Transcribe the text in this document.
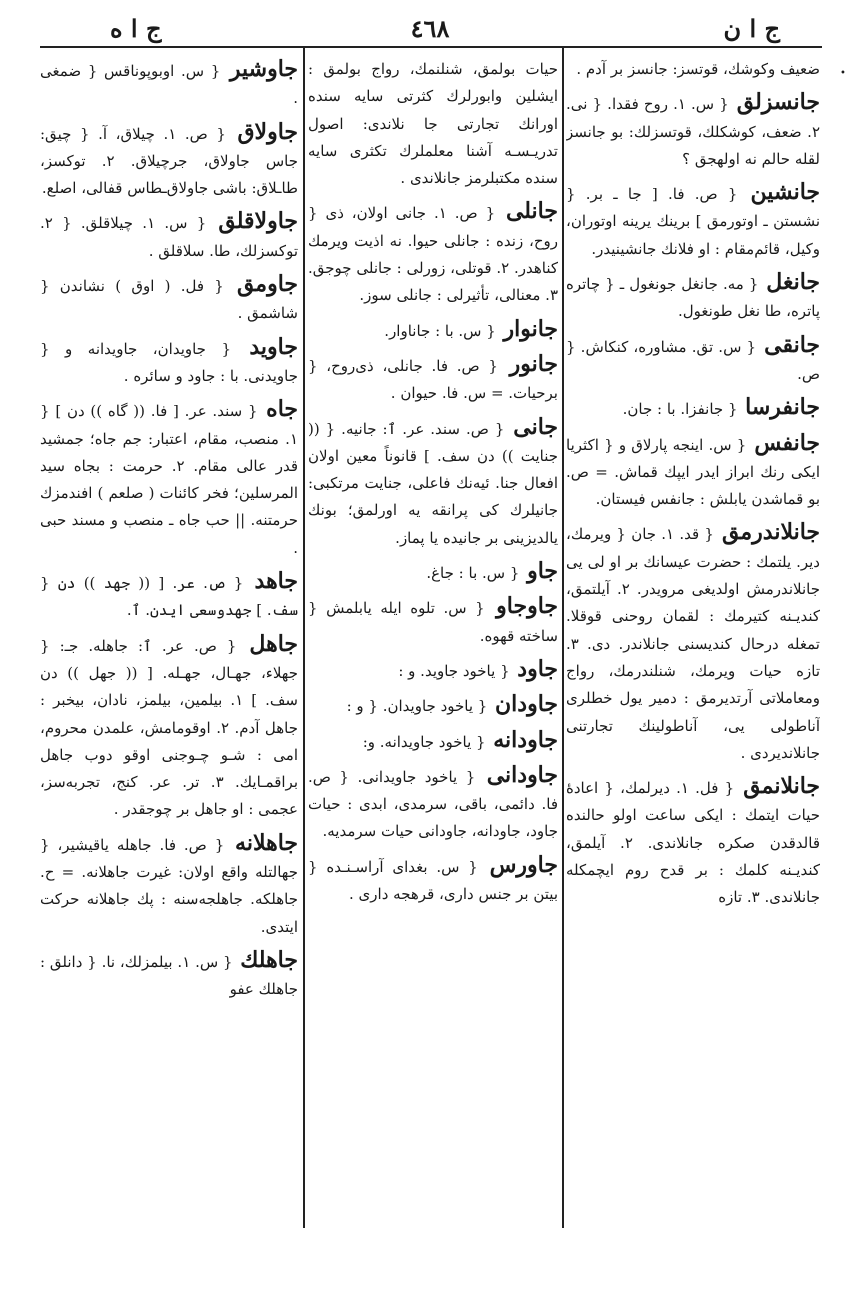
ج ا ن
٤٦٨
ج ا ه
•
ضعيف وكوشك، قوتسز: جانسز بر آدم .
جانسزلق { س. ١. روح فقدا. { نى. ٢. ضعف، كوشكلك، قوتسزلك: بو جانسز لقله حالم نه اولهجق ؟
جانشين { ص. فا. [ جا ـ بر. { نشستن ـ اوتورمق ] برينك يرينه اوتوران، وكيل، قائم‌مقام : او فلانك جانشينيدر.
جانغل { مه. جانغل جونغول ـ { چاتره پاتره، طا نغل طونغول.
جانقى { س. تق. مشاوره، كنكاش. { ص.
جانفرسا { جانفزا. با : جان.
جانفس { س. اينجه پارلاق و { اكثريا ايكى رنك ابراز ايدر ايپك قماش. = ص. بو قماشدن يابلش : جانفس فيستان.
جانلاندرمق { قد. ١. جان { ويرمك، دير. يلتمك : حضرت عيسانك بر او لى يى جانلاندرمش اولديغى مرويدر. ٢. آيلتمق، كنديـنه كتيرمك : لقمان روحنى قوقلا. تمغله درحال كنديسنى جانلاندر. دى. ٣. تازه حيات ويرمك، شنلندرمك، رواج ومعاملاتى آرتديرمق : دمير يول خطلرى آناطولى يى، آناطولينك تجارتنى جانلانديردى .
جانلانمق { فل. ١. ديرلمك، { اعادهٔ حيات ايتمك : ايكى ساعت اولو حالنده قالدقدن صكره جانلاندى. ٢. آيلمق، كنديـنه كلمك : بر قدح روم ايچمكله جانلاندى. ٣. تازه
حيات بولمق، شنلنمك، رواج بولمق : ايشلين وابورلرك كثرتى سايه سنده اورانك تجارتى جا نلاندى: اصول تدريـسـه آشنا معلملرك تكثرى سايه سنده مكتبلرمز جانلاندى .
جانلى { ص. ١. جانى اولان، ذى { روح، زنده : جانلى حيوا. نه اذيت ويرمك كناهدر. ٢. قوتلى، زورلى : جانلى چوجق. ٣. معنالى، تأثيرلى : جانلى سوز.
جانوار { س. با : جاناوار.
جانور { ص. فا. جانلى، ذى‌روح، { برحيات. = س. فا. حيوان .
جانى { ص. سند. عر. ٱ: جانيه. { (( جنايت )) دن سف. ] قانوناً معين اولان افعال جنا. ئيه‌نك فاعلى، جنايت مرتكبى: جانيلرك كى پرانقه يه اورلمق؛ بونك يالديزينى بر جانيده يا پماز.
جاو { س. با : جاغ.
جاوجاو { س. تلوه ايله يابلمش { ساخته قهوه.
جاود { ياخود جاويد. و :
جاودان { ياخود جاويدان. { و :
جاودانه { ياخود جاويدانه. و:
جاودانى { ياخود جاويدانى. { ص. فا. دائمى، باقى، سرمدى، ابدى : حيات جاود، جاودانه، جاودانى حيات سرمديه.
جاورس { س. بغداى آراسـنـده { بيتن بر جنس دارى، قرهجه دارى .
جاوشير { س. اوبوپوناقس { ضمغى .
جاولاق { ص. ١. چيلاق، آ. { چيق: جاس جاولاق، جرچيلاق. ٢. توكسز، طاـلاق: باشى جاولاق‌ـطاس قفالى، اصلع.
جاولاقلق { س. ١. چيلاقلق. { ٢. توكسزلك، طا. سلاقلق .
جاومق { فل. ( اوق ) نشاندن { شاشمق .
جاويد { جاويدان، جاويدانه و { جاويدنى. با : جاود و سائره .
جاه { سند. عر. [ فا. (( گاه )) دن ] { ١. منصب، مقام، اعتبار: جم جاه؛ جمشيد قدر عالى مقام. ٢. حرمت : بجاه سيد المرسلين؛ فخر كائنات ( صلعم ) افندمزك حرمتنه. || حب جاه ـ منصب و مسند حبى .
جاهد { ص. عر. [ (( جهد )) دن { سف. ] جهدوسعى ايدن. ٱ.
جاهل { ص. عر. ٱ: جاهله. جـ: { جهلاء، جهـال، جهـله. [ (( جهل )) دن سف. ] ١. بيلمين، بيلمز، نادان، بيخبر : جاهل آدم. ٢. اوقومامش، علمدن محروم، امى : شـو چـوجنى اوقو دوب جاهل براقمـايك. ٣. تر. عر. كنج، تجربه‌سز، عجمى : او جاهل بر چوجقدر .
جاهلانه { ص. فا. جاهله ياقيشير، { جهالتله واقع اولان: غيرت جاهلانه. = ح. جاهلكه. جاهلجه‌سنه : پك جاهلانه حركت ايتدى.
جاهلك { س. ١. بيلمزلك، نا. { دانلق : جاهلك عفو
